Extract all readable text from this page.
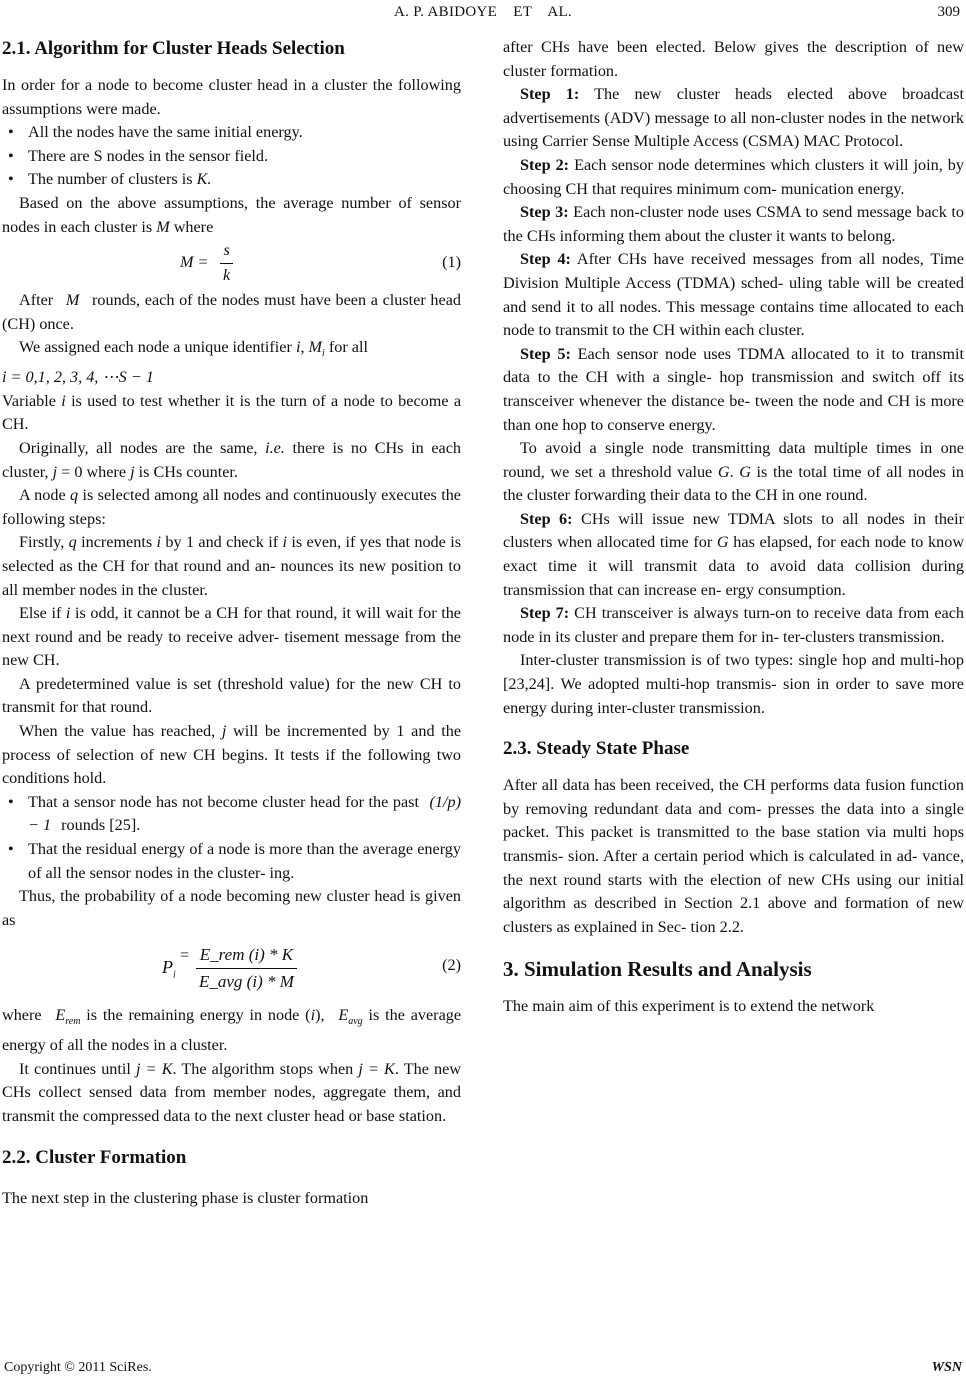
A. P. ABIDOYE    ET    AL.	309
2.1. Algorithm for Cluster Heads Selection

In order for a node to become cluster head in a cluster the following assumptions were made.

• All the nodes have the same initial energy.
• There are S nodes in the sensor field.
• The number of clusters is K.

Based on the above assumptions, the average number of sensor nodes in each cluster is M where

$M = \frac{s}{k}$	(1)

After M rounds, each of the nodes must have been a cluster head (CH) once.

We assigned each node a unique identifier i, $M_i$ for all
i = 0,1, 2, 3, 4, ⋯S − 1

Variable i is used to test whether it is the turn of a node to become a CH.

Originally, all nodes are the same, i.e. there is no CHs in each cluster, j = 0 where j is CHs counter.

A node q is selected among all nodes and continuously executes the following steps:

Firstly, q increments i by 1 and check if i is even, if yes that node is selected as the CH for that round and an- nounces its new position to all member nodes in the cluster.

Else if i is odd, it cannot be a CH for that round, it will wait for the next round and be ready to receive adver- tisement message from the new CH.

A predetermined value is set (threshold value) for the new CH to transmit for that round.

When the value has reached, j will be incremented by 1 and the process of selection of new CH begins. It tests if the following two conditions hold.

• That a sensor node has not become cluster head for the past (1/p) − 1 rounds [25].
• That the residual energy of a node is more than the average energy of all the sensor nodes in the cluster- ing.

Thus, the probability of a node becoming new cluster head is given as

$P_i$
= E_rem (i) * K
E_avg (i) * M
(2)

where $E_{rem}$ is the remaining energy in node (i), $E_{avg}$ is the average energy of all the nodes in a cluster.

It continues until j = K. The algorithm stops when j = K. The new CHs collect sensed data from member nodes, aggregate them, and transmit the compressed data to the next cluster head or base station.

2.2. Cluster Formation

The next step in the clustering phase is cluster formation

after CHs have been elected. Below gives the description of new cluster formation.

Step 1: The new cluster heads elected above broadcast advertisements (ADV) message to all non-cluster nodes in the network using Carrier Sense Multiple Access (CSMA) MAC Protocol.

Step 2: Each sensor node determines which clusters it will join, by choosing CH that requires minimum com- munication energy.

Step 3: Each non-cluster node uses CSMA to send message back to the CHs informing them about the cluster it wants to belong.

Step 4: After CHs have received messages from all nodes, Time Division Multiple Access (TDMA) sched- uling table will be created and send it to all nodes. This message contains time allocated to each node to transmit to the CH within each cluster.

Step 5: Each sensor node uses TDMA allocated to it to transmit data to the CH with a single- hop transmission and switch off its transceiver whenever the distance be- tween the node and CH is more than one hop to conserve energy.

To avoid a single node transmitting data multiple times in one round, we set a threshold value G. G is the total time of all nodes in the cluster forwarding their data to the CH in one round.

Step 6: CHs will issue new TDMA slots to all nodes in their clusters when allocated time for G has elapsed, for each node to know exact time it will transmit data to avoid data collision during transmission that can increase en- ergy consumption.

Step 7: CH transceiver is always turn-on to receive data from each node in its cluster and prepare them for in- ter-clusters transmission.

Inter-cluster transmission is of two types: single hop and multi-hop [23,24]. We adopted multi-hop transmis- sion in order to save more energy during inter-cluster transmission.

2.3. Steady State Phase

After all data has been received, the CH performs data fusion function by removing redundant data and com- presses the data into a single packet. This packet is transmitted to the base station via multi hops transmis- sion. After a certain period which is calculated in ad- vance, the next round starts with the election of new CHs using our initial algorithm as described in Section 2.1 above and formation of new clusters as explained in Sec- tion 2.2.

3. Simulation Results and Analysis

The main aim of this experiment is to extend the network

Copyright © 2011 SciRes.	WSN
